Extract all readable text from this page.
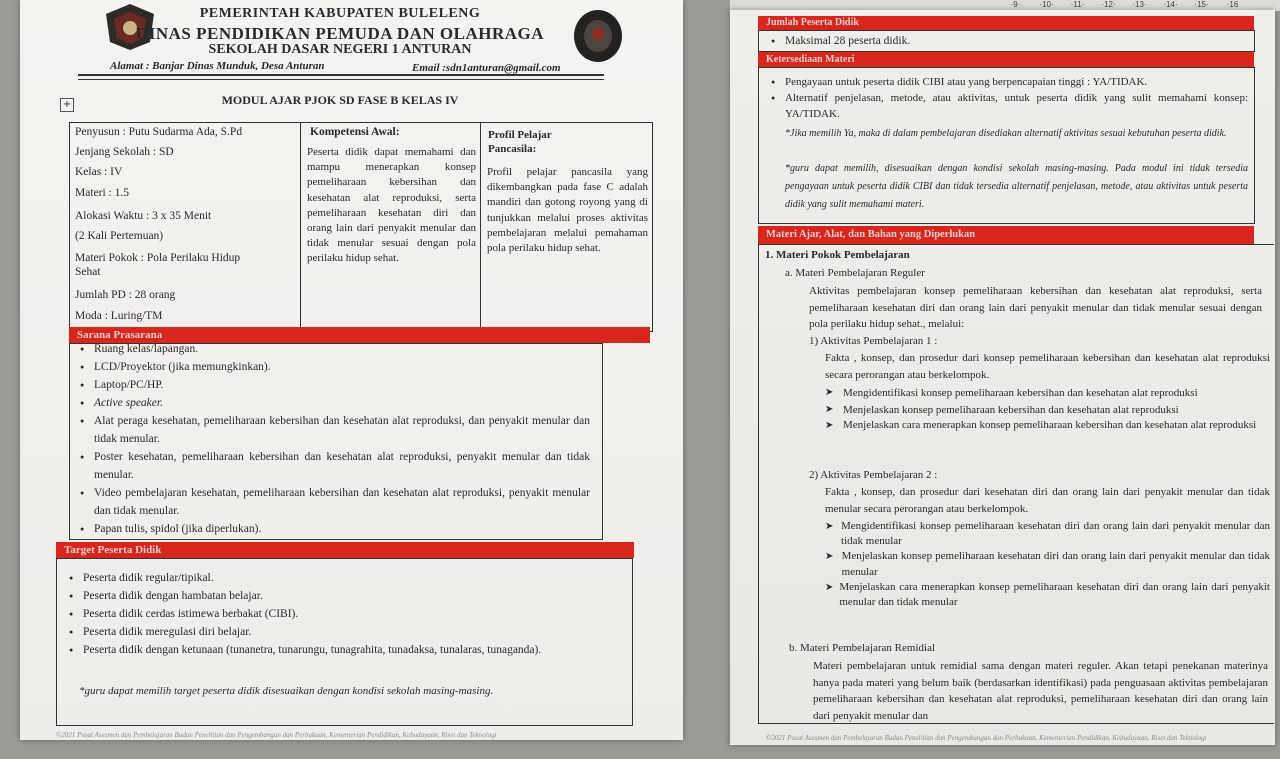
·9· ·10· ·11· ·12· ·13· ·14· ·15· ·16
PEMERINTAH KABUPATEN BULELENG
DINAS PENDIDIKAN PEMUDA DAN OLAHRAGA
SEKOLAH DASAR NEGERI 1 ANTURAN
Alamat : Banjar Dinas Munduk, Desa Anturan	Email :sdn1anturan@gmail.com
+	MODUL AJAR PJOK SD FASE B KELAS IV
Penyusun : Putu Sudarma Ada, S.Pd
Jenjang Sekolah : SD
Kelas : IV
Materi : 1.5
Alokasi Waktu : 3 x 35 Menit
(2 Kali Pertemuan)
Materi Pokok : Pola Perilaku Hidup
Sehat
Jumlah PD : 28 orang
Moda : Luring/TM
Kompetensi Awal:
Peserta didik dapat memahami dan mampu menerapkan konsep pemeliharaan kebersihan dan kesehatan alat reproduksi, serta pemeliharaan kesehatan diri dan orang lain dari penyakit menular dan tidak menular sesuai dengan pola perilaku hidup sehat.
Profil Pelajar Pancasila:
Profil pelajar pancasila yang dikembangkan pada fase C adalah mandiri dan gotong royong yang di tunjukkan melalui proses aktivitas pembelajaran melalui pemahaman pola perilaku hidup sehat.
Sarana Prasarana
● Ruang kelas/lapangan.
● LCD/Proyektor (jika memungkinkan).
● Laptop/PC/HP.
● Active speaker.
● Alat peraga kesehatan, pemeliharaan kebersihan dan kesehatan alat reproduksi, dan penyakit menular dan tidak menular.
● Poster kesehatan, pemeliharaan kebersihan dan kesehatan alat reproduksi, penyakit menular dan tidak menular.
● Video pembelajaran kesehatan, pemeliharaan kebersihan dan kesehatan alat reproduksi, penyakit menular dan tidak menular.
● Papan tulis, spidol (jika diperlukan).
Target Peserta Didik
● Peserta didik regular/tipikal.
● Peserta didik dengan hambatan belajar.
● Peserta didik cerdas istimewa berbakat (CIBI).
● Peserta didik meregulasi diri belajar.
● Peserta didik dengan ketunaan (tunanetra, tunarungu, tunagrahita, tunadaksa, tunalaras, tunaganda).
*guru dapat memilih target peserta didik disesuaikan dengan kondisi sekolah masing-masing.
©2021 Pusat Asesmen dan Pembelajaran Badan Penelitian dan Pengembangan dan Perbukuan, Kementerian Pendidikan, Kebudayaan, Riset dan Teknologi
Jumlah Peserta Didik
● Maksimal 28 peserta didik.
Ketersediaan Materi
● Pengayaan untuk peserta didik CIBI atau yang berpencapaian tinggi : YA/TIDAK.
● Alternatif penjelasan, metode, atau aktivitas, untuk peserta didik yang sulit memahami konsep: YA/TIDAK.
*Jika memilih Ya, maka di dalam pembelajaran disediakan alternatif aktivitas sesuai kebutuhan peserta didik.
*guru dapat memilih, disesuaikan dengan kondisi sekolah masing-masing. Pada modul ini tidak tersedia pengayaan untuk peserta didik CIBI dan tidak tersedia alternatif penjelasan, metode, atau aktivitas untuk peserta didik yang sulit memahami materi.
Materi Ajar, Alat, dan Bahan yang Diperlukan
1. Materi Pokok Pembelajaran
a. Materi Pembelajaran Reguler
Aktivitas pembelajaran konsep pemeliharaan kebersihan dan kesehatan alat reproduksi, serta pemeliharaan kesehatan diri dan orang lain dari penyakit menular dan tidak menular sesuai dengan pola perilaku hidup sehat., melalui:
1) Aktivitas Pembelajaran 1 :
Fakta , konsep, dan prosedur dari konsep pemeliharaan kebersihan dan kesehatan alat reproduksi secara perorangan atau berkelompok.
➤ Mengidentifikasi konsep pemeliharaan kebersihan dan kesehatan alat reproduksi
➤ Menjelaskan konsep pemeliharaan kebersihan dan kesehatan alat reproduksi
➤ Menjelaskan cara menerapkan konsep pemeliharaan kebersihan dan kesehatan alat reproduksi
2) Aktivitas Pembelajaran 2 :
Fakta , konsep, dan prosedur dari kesehatan diri dan orang lain dari penyakit menular dan tidak menular secara perorangan atau berkelompok.
➤ Mengidentifikasi konsep pemeliharaan kesehatan diri dan orang lain dari penyakit menular dan tidak menular
➤ Menjelaskan konsep pemeliharaan kesehatan diri dan orang lain dari penyakit menular dan tidak menular
➤ Menjelaskan cara menerapkan konsep pemeliharaan kesehatan diri dan orang lain dari penyakit menular dan tidak menular
b. Materi Pembelajaran Remidial
Materi pembelajaran untuk remidial sama dengan materi reguler. Akan tetapi penekanan materinya hanya pada materi yang belum baik (berdasarkan identifikasi) pada penguasaan aktivitas pembelajaran pemeliharaan kebersihan dan kesehatan alat reproduksi, pemeliharaan kesehatan diri dan orang lain dari penyakit menular dan
©2021 Pusat Asesmen dan Pembelajaran Badan Penelitian dan Pengembangan dan Perbukuan, Kementerian Pendidikan, Kebudayaan, Riset dan Teknologi
